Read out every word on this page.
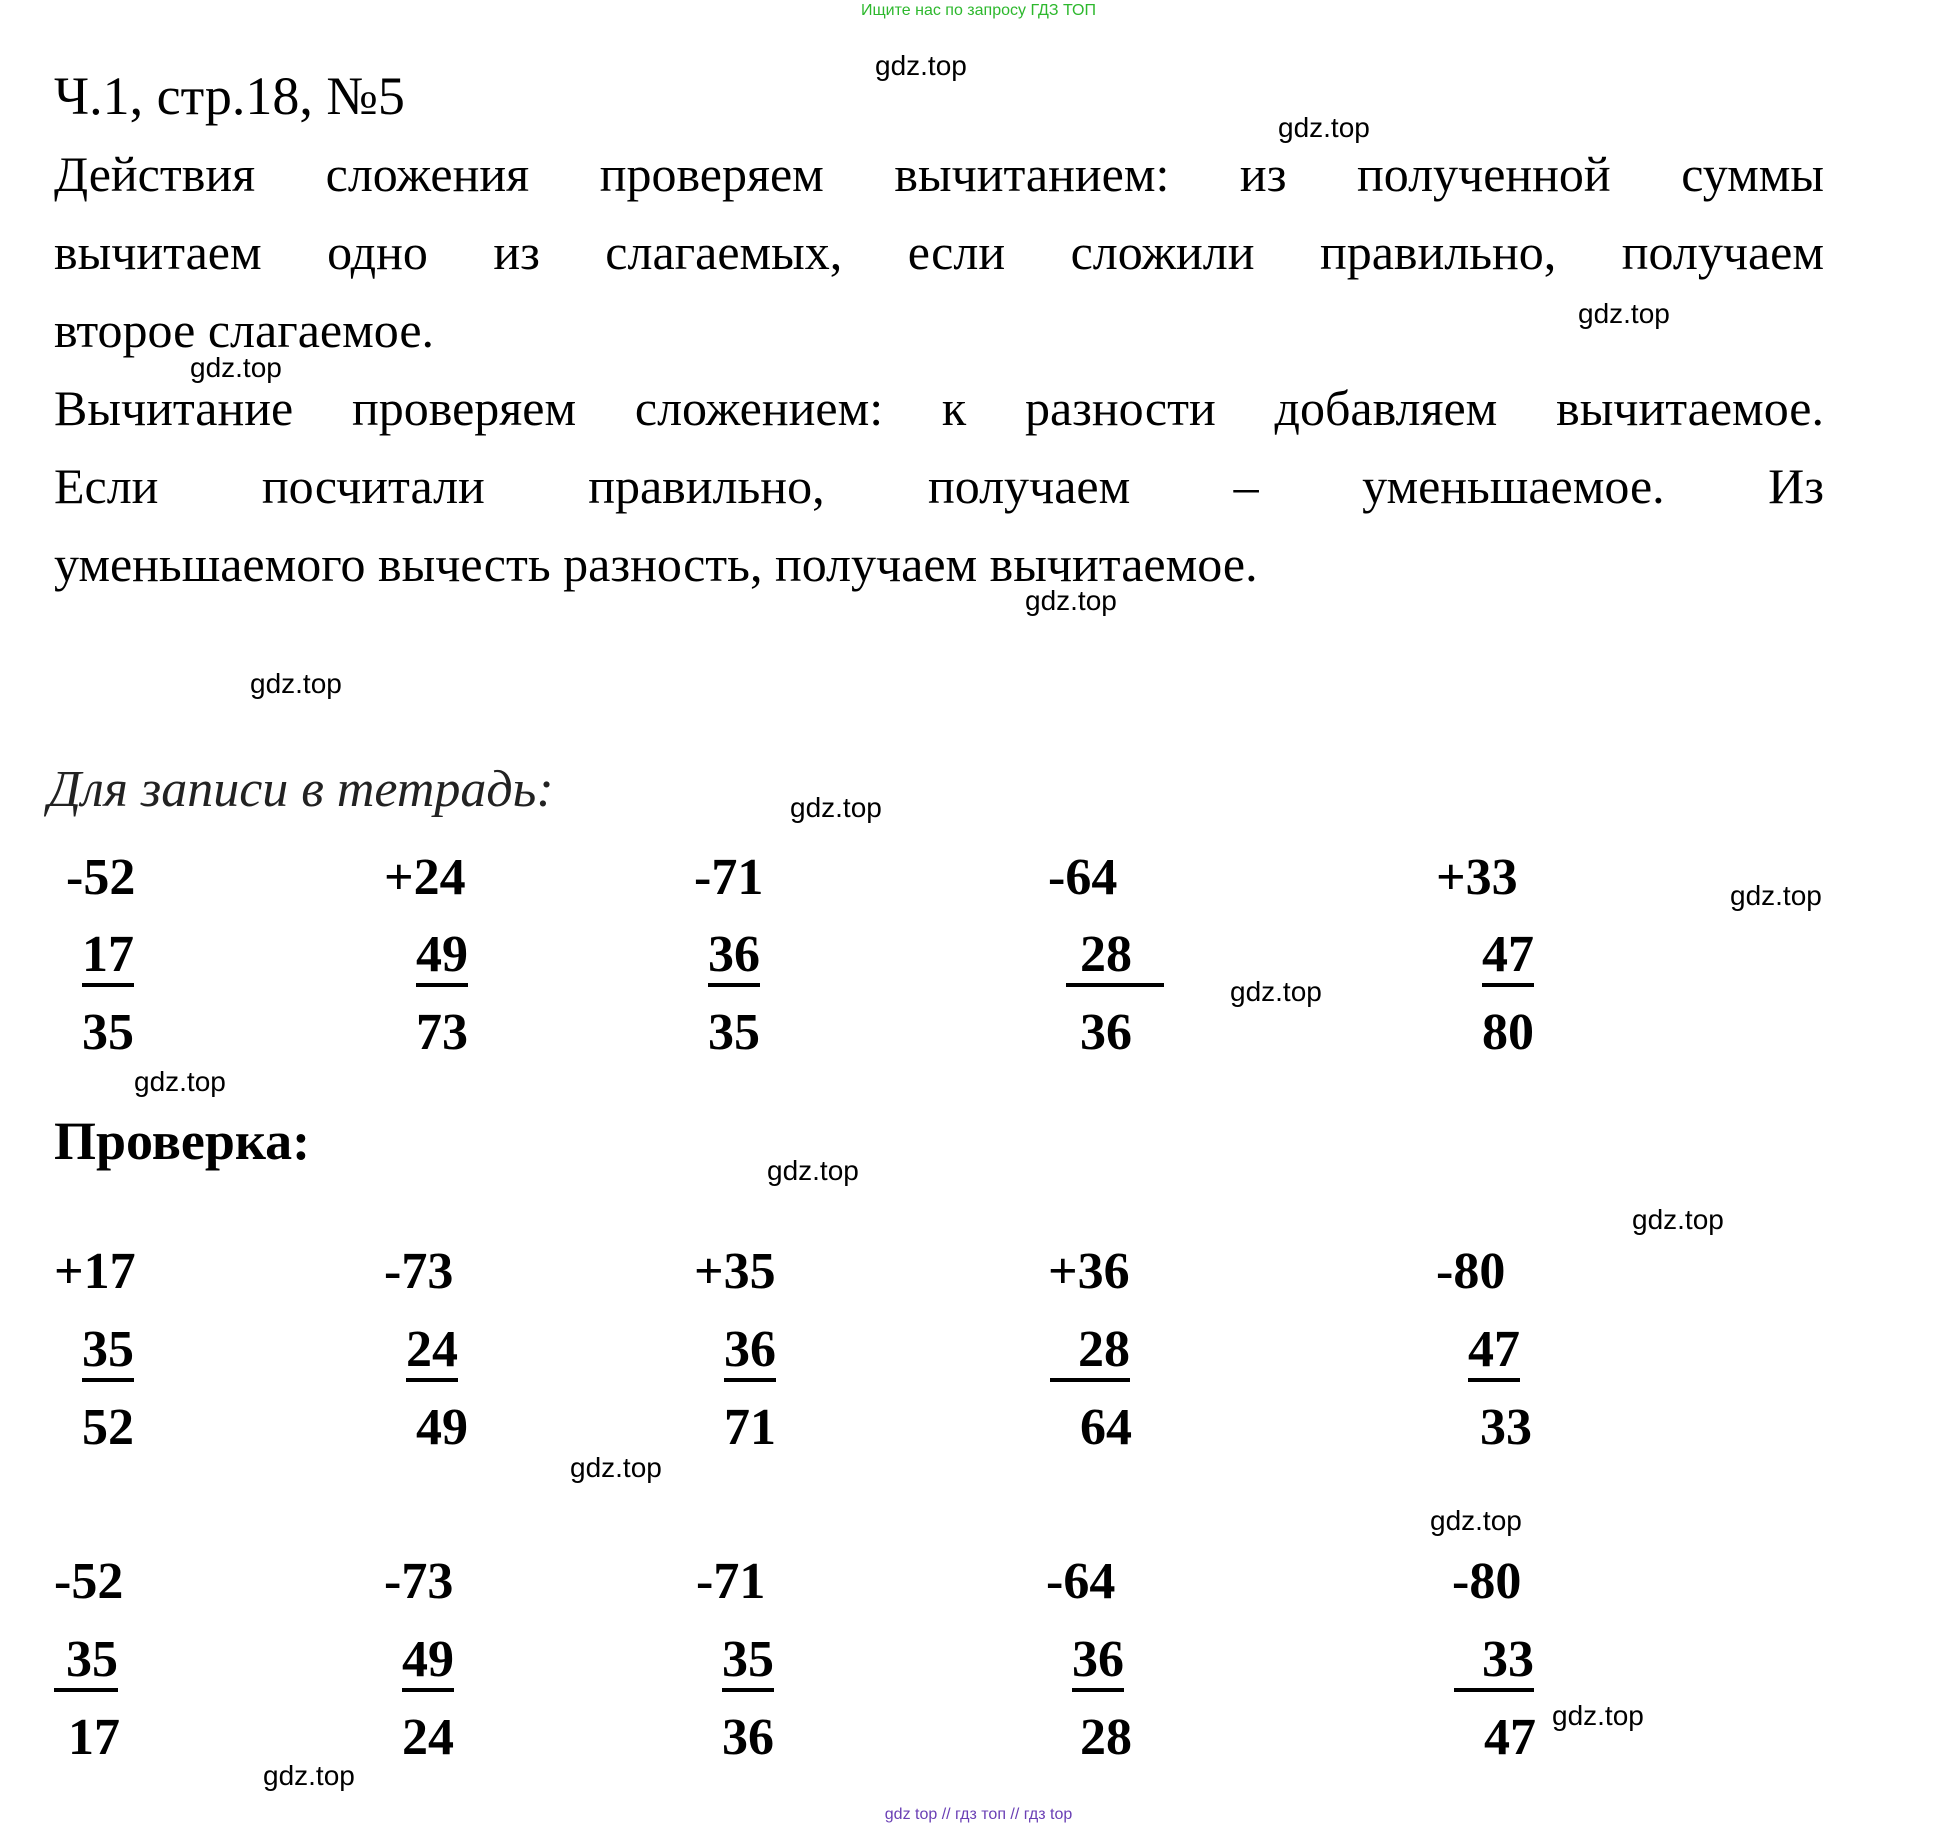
Ищите нас по запросу ГДЗ ТОП
Ч.1, стр.18, №5
Действия сложения проверяем вычитанием: из полученной суммы
вычитаем одно из слагаемых, если сложили правильно, получаем
второе слагаемое.
Вычитание проверяем сложением: к разности добавляем вычитаемое.
Если посчитали правильно, получаем – уменьшаемое. Из
уменьшаемого вычесть разность, получаем вычитаемое.
Для записи в тетрадь:
-52
17
35
+24
49
73
-71
36
35
-64
28
36
+33
47
80
Проверка:
+17
35
52
-73
24
49
+35
36
71
+36
28
64
-80
47
33
-52
35
17
-73
49
24
-71
35
36
-64
36
28
-80
33
47
gdz.top
gdz.top
gdz.top
gdz.top
gdz.top
gdz.top
gdz.top
gdz.top
gdz.top
gdz.top
gdz.top
gdz.top
gdz.top
gdz.top
gdz.top
gdz.top
gdz top // гдз топ // гдз top
